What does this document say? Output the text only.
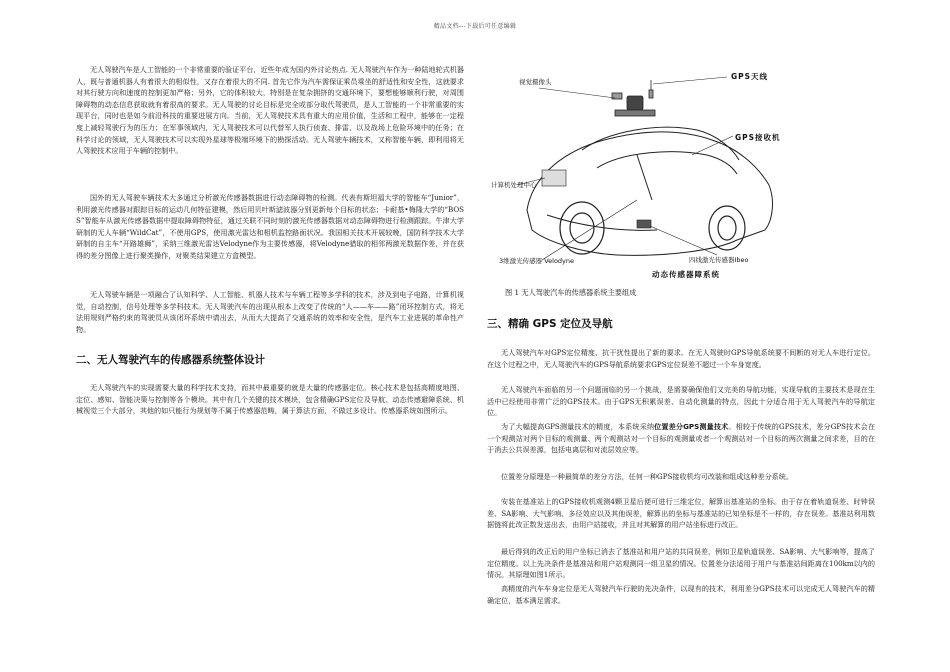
精品文档---下载后可任意编辑

无人驾驶汽车是人工智能的一个非常重要的验证平台，近些年成为国内外讨论热点. 无人驾驶汽车作为一种陆地轮式机器人，既与普通机器人有着很大的相似性，又存在着很大的不同. 首先它作为汽车需保证乘员乘坐的舒适性和安全性，这就要求对其行驶方向和速度的控制更加严格；另外，它的体积较大，特别是在复杂拥挤的交通环境下，要想能够顺利行驶，对周围障碍物的动态信息获取就有着很高的要求。无人驾驶的讨论目标是完全或部分取代驾驶员，是人工智能的一个非常重要的实现平台，同时也是如今前沿科技的重要进展方向。当前，无人驾驶技术具有重大的应用价值，生活和工程中，能够在一定程度上减轻驾驶行为的压力；在军事领域内，无人驾驶技术可以代替军人执行侦查、排雷、以及战场上危险环境中的任务；在科学讨论的领域，无人驾驶技术可以实现外星球等极端环境下的勘探活动。无人驾驶车辆技术，又称智能车辆，即利用将无人驾驶技术应用于车辆的控制中。

国外的无人驾驶车辆技术大多通过分析激光传感器数据进行动态障碍物的检测。代表有斯坦福大学的智能车“Junior”，利用激光传感器对跟踪目标的运动几何特征建模，然后用贝叶斯滤波器分别更新每个目标的状态；卡耐基•梅隆大学的“BOSS”智能车从激光传感器数据中提取障碍物特征，通过关联不同时刻的激光传感器数据对动态障碍物进行检测跟踪。牛津大学研制的无人车辆“WildCat”，不使用GPS，使用激光雷达和相机监控路面状况。我国相关技术开展较晚，国防科学技术大学研制的自主车“开路雄狮”，采纳三维激光雷达Velodyne作为主要传感器，将Velodyne猎取的相邻两激光数据作差，并在获得的差分图像上进行聚类操作，对聚类结果建立方盒模型。

无人驾驶车辆是一项融合了认知科学、人工智能、机器人技术与车辆工程等多学科的技术，涉及到电子电路，计算机视觉，自动控制，信号处理等多学科技术。无人驾驶汽车的出现从根本上改变了传统的“人——车——路”闭环控制方式，将无法用规则严格约束的驾驶员从该闭环系统中请出去，从而大大提高了交通系统的效率和安全性，是汽车工业进展的革命性产物。

二、无人驾驶汽车的传感器系统整体设计

无人驾驶汽车的实现需要大量的科学技术支持，而其中最重要的就是大量的传感器定位。核心技术是包括高精度地图、定位、感知、智能决策与控制等各个模块。其中有几个关键的技术模块，包含精确GPS定位及导航、动态传感避障系统、机械视觉三个大部分，其他的如只能行为规划等不属于传感器范畴，属于算法方面，不做过多设计。传感器系统如图所示。

视觉摄像头
GPS天线
GPS接收机
计算机处理中心
3维激光传感器 Velodyne	四线激光传感器Ibeo
动态传感器障系统

图 1 无人驾驶汽车的传感器系统主要组成

三、精确 GPS 定位及导航

无人驾驶汽车对GPS定位精度、抗干扰性提出了新的要求。在无人驾驶时GPS导航系统要不间断的对无人车进行定位。在这个过程之中，无人驾驶汽车的GPS导航系统要求GPS定位误差不超过一个车身宽度。

无人驾驶汽车面临的另一个问题面临的另一个挑战，是需要确保他们又完美的导航功能，实现导航的主要技术是现在生活中已经使用非常广泛的GPS技术。由于GPS无积累误差、自动化测量的特点，因此十分适合用于无人驾驶汽车的导航定位。

为了大幅提高GPS测量技术的精度，本系统采纳位置差分GPS测量技术。相较于传统的GPS技术，差分GPS技术会在一个观测站对两个目标的观测量、两个观测站对一个目标的观测量或者一个观测站对一个目标的两次测量之间求差，目的在于消去公共误差源，包括电离层和对流层效应等。

位置差分原理是一种最简单的差分方法，任何一种GPS接收机均可改装和组成这种差分系统。

安装在基准站上的GPS接收机观测4颗卫星后便可进行三维定位，解算出基准站的坐标。由于存在着轨道误差、时钟误差、SA影响、大气影响、多径效应以及其他误差，解算出的坐标与基准站的已知坐标是不一样的，存在误差。基准站利用数据链将此改正数发送出去，由用户站接收，并且对其解算的用户站坐标进行改正。

最后得到的改正后的用户坐标已消去了基准站和用户站的共同误差，例如卫星轨道误差、SA影响、大气影响等，提高了定位精度。以上先决条件是基准站和用户站观测同一组卫星的情况。位置差分法适用于用户与基准站间距离在100km以内的情况。其原理如图1所示。

高精度的汽车车身定位是无人驾驶汽车行驶的先决条件，以现有的技术，利用差分GPS技术可以完成无人驾驶汽车的精确定位，基本满足需求。
